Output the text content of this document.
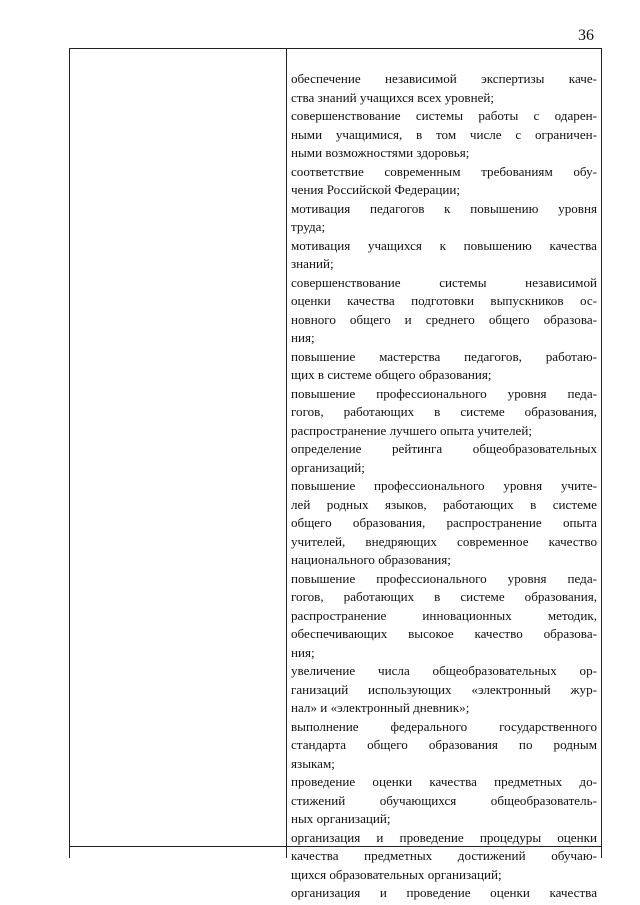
36
обеспечение независимой экспертизы каче-
ства знаний учащихся всех уровней;
совершенствование системы работы с одарен-
ными учащимися, в том числе с ограничен-
ными возможностями здоровья;
соответствие современным требованиям обу-
чения Российской Федерации;
мотивация педагогов к повышению уровня
труда;
мотивация учащихся к повышению качества
знаний;
совершенствование системы независимой
оценки качества подготовки выпускников ос-
новного общего и среднего общего образова-
ния;
повышение мастерства педагогов, работаю-
щих в системе общего образования;
повышение профессионального уровня педа-
гогов, работающих в системе образования,
распространение лучшего опыта учителей;
определение рейтинга общеобразовательных
организаций;
повышение профессионального уровня учите-
лей родных языков, работающих в системе
общего образования, распространение опыта
учителей, внедряющих современное качество
национального образования;
повышение профессионального уровня педа-
гогов, работающих в системе образования,
распространение инновационных методик,
обеспечивающих высокое качество образова-
ния;
увеличение числа общеобразовательных ор-
ганизаций использующих «электронный жур-
нал» и «электронный дневник»;
выполнение федерального государственного
стандарта общего образования по родным
языкам;
проведение оценки качества предметных до-
стижений обучающихся общеобразователь-
ных организаций;
организация и проведение процедуры оценки
качества предметных достижений обучаю-
щихся образовательных организаций;
организация и проведение оценки качества
